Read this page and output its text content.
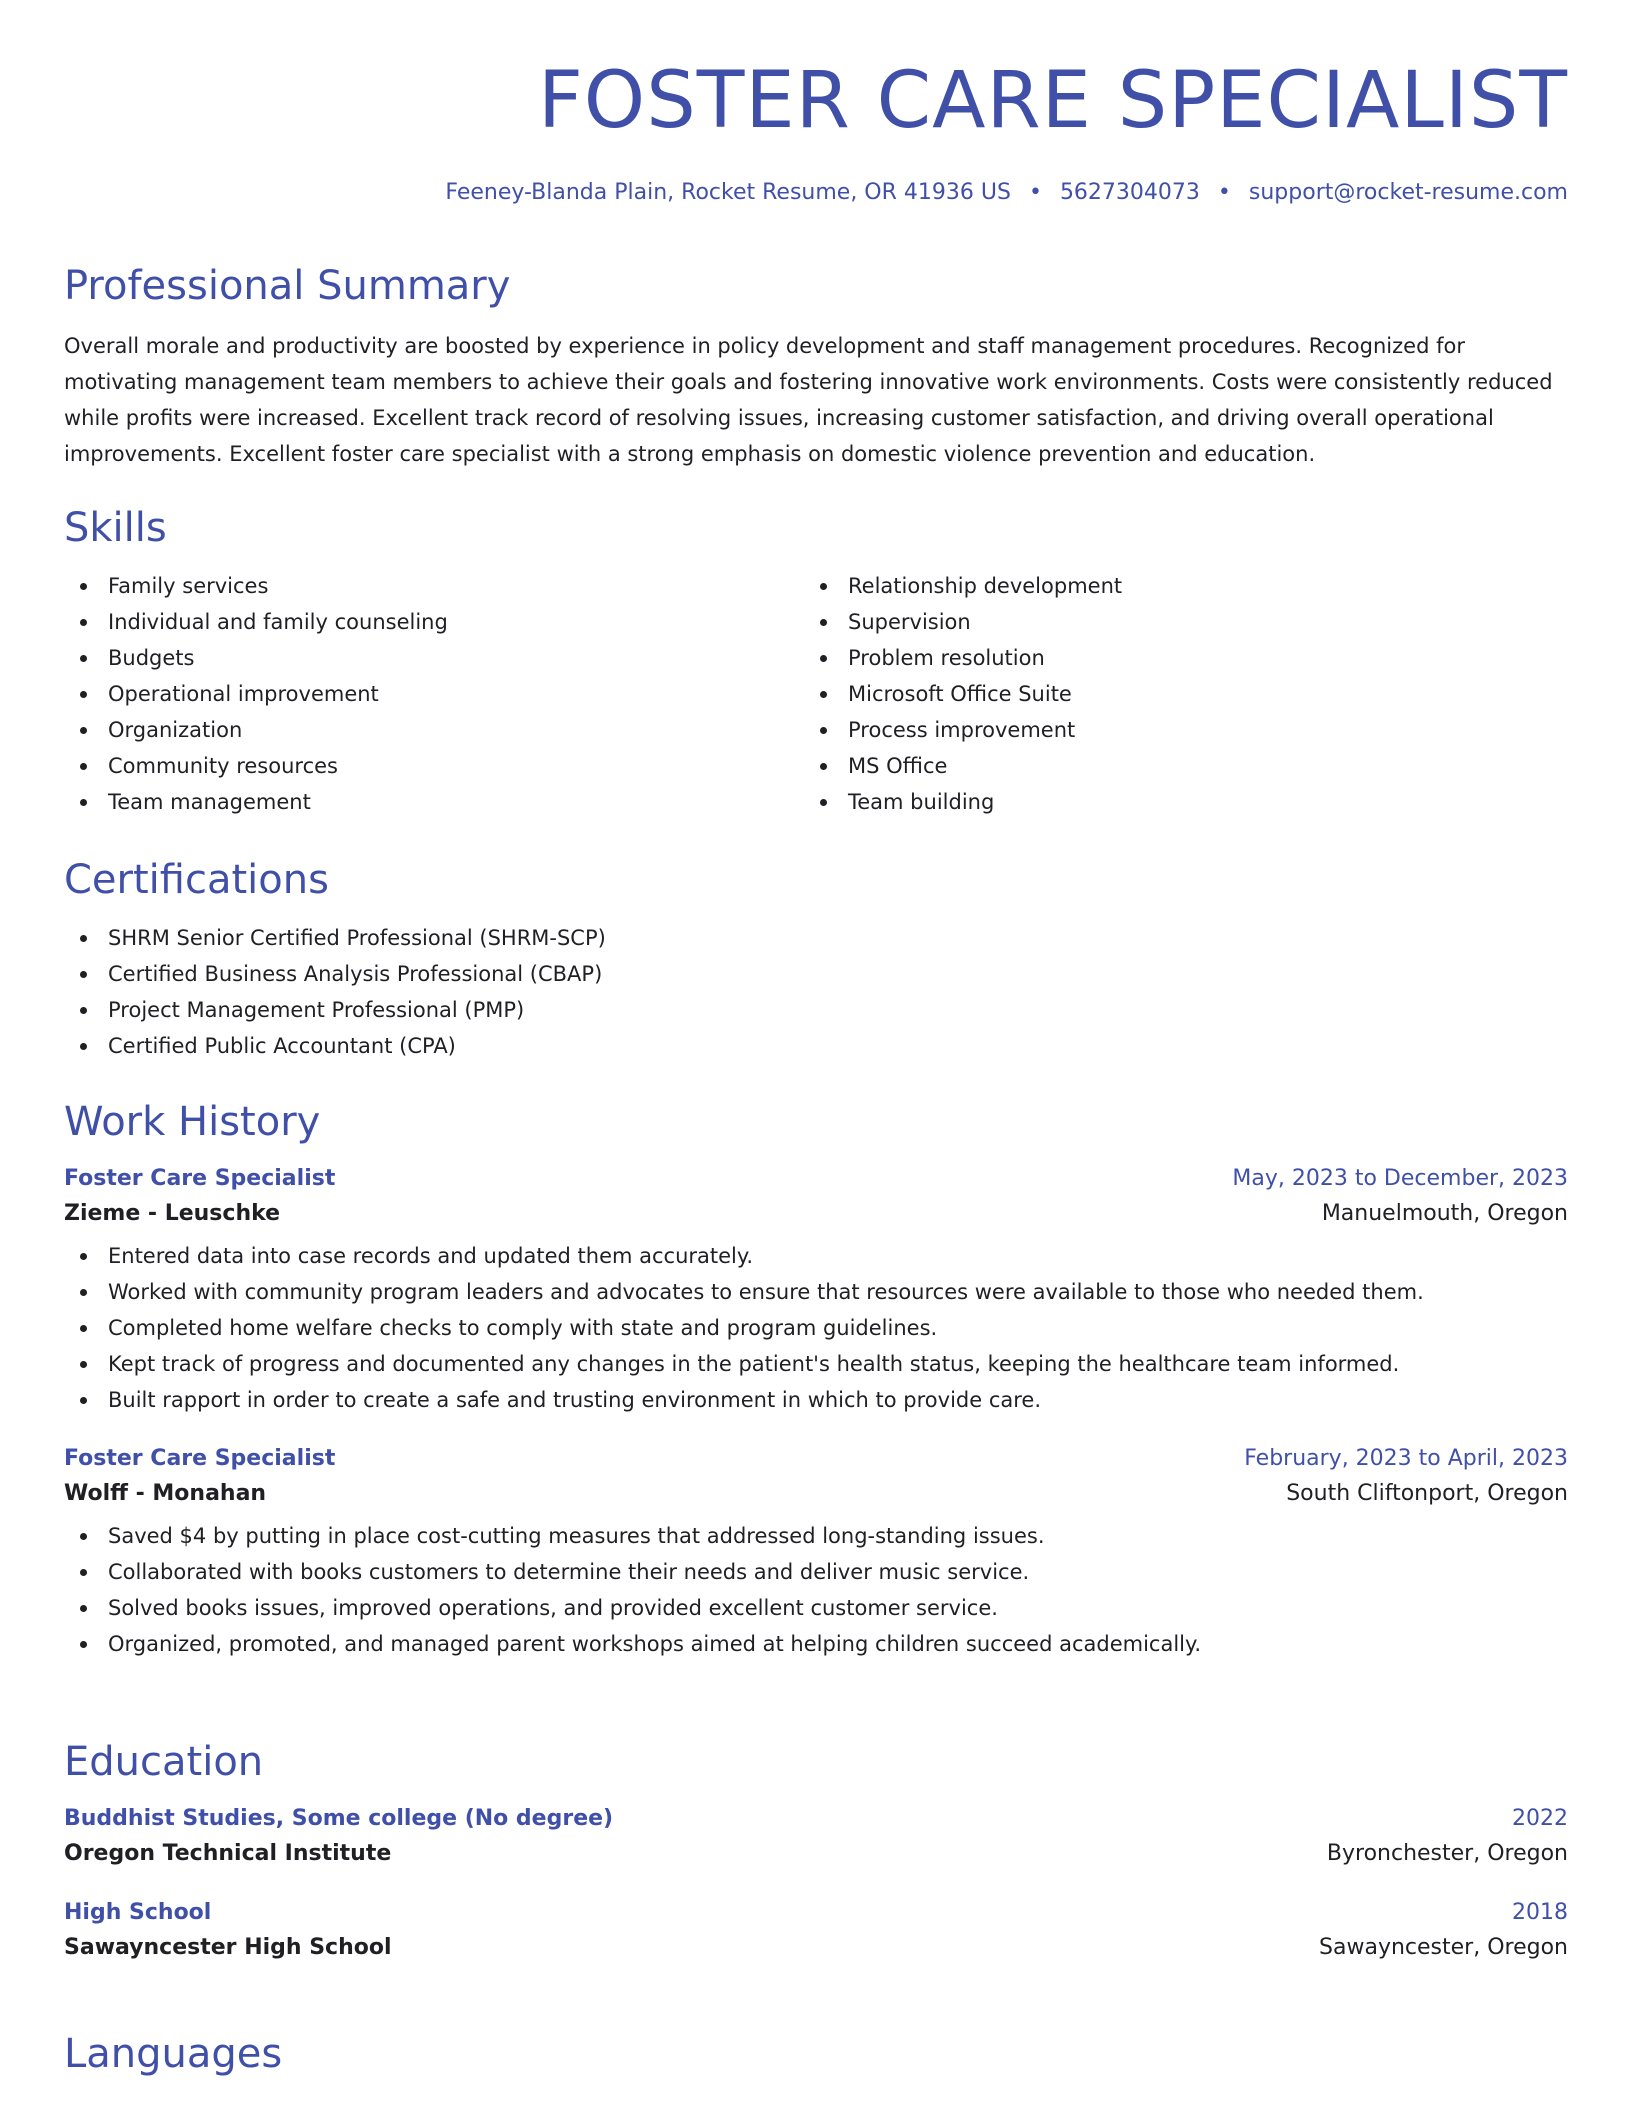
FOSTER CARE SPECIALIST
Feeney-Blanda Plain, Rocket Resume, OR 41936 US • 5627304073 • support@rocket-resume.com
Professional Summary

Overall morale and productivity are boosted by experience in policy development and staff management procedures. Recognized for motivating management team members to achieve their goals and fostering innovative work environments. Costs were consistently reduced while profits were increased. Excellent track record of resolving issues, increasing customer satisfaction, and driving overall operational improvements. Excellent foster care specialist with a strong emphasis on domestic violence prevention and education.

Skills
Family services
Individual and family counseling
Budgets
Operational improvement
Organization
Community resources
Team management
Relationship development
Supervision
Problem resolution
Microsoft Office Suite
Process improvement
MS Office
Team building
Certifications
SHRM Senior Certified Professional (SHRM-SCP)
Certified Business Analysis Professional (CBAP)
Project Management Professional (PMP)
Certified Public Accountant (CPA)
Work History
Foster Care Specialist	May, 2023 to December, 2023
Zieme - Leuschke	Manuelmouth, Oregon
Entered data into case records and updated them accurately.
Worked with community program leaders and advocates to ensure that resources were available to those who needed them.
Completed home welfare checks to comply with state and program guidelines.
Kept track of progress and documented any changes in the patient's health status, keeping the healthcare team informed.
Built rapport in order to create a safe and trusting environment in which to provide care.
Foster Care Specialist	February, 2023 to April, 2023
Wolff - Monahan	South Cliftonport, Oregon
Saved $4 by putting in place cost-cutting measures that addressed long-standing issues.
Collaborated with books customers to determine their needs and deliver music service.
Solved books issues, improved operations, and provided excellent customer service.
Organized, promoted, and managed parent workshops aimed at helping children succeed academically.
Education
Buddhist Studies, Some college (No degree)	2022
Oregon Technical Institute	Byronchester, Oregon
High School	2018
Sawayncester High School	Sawayncester, Oregon
Languages
